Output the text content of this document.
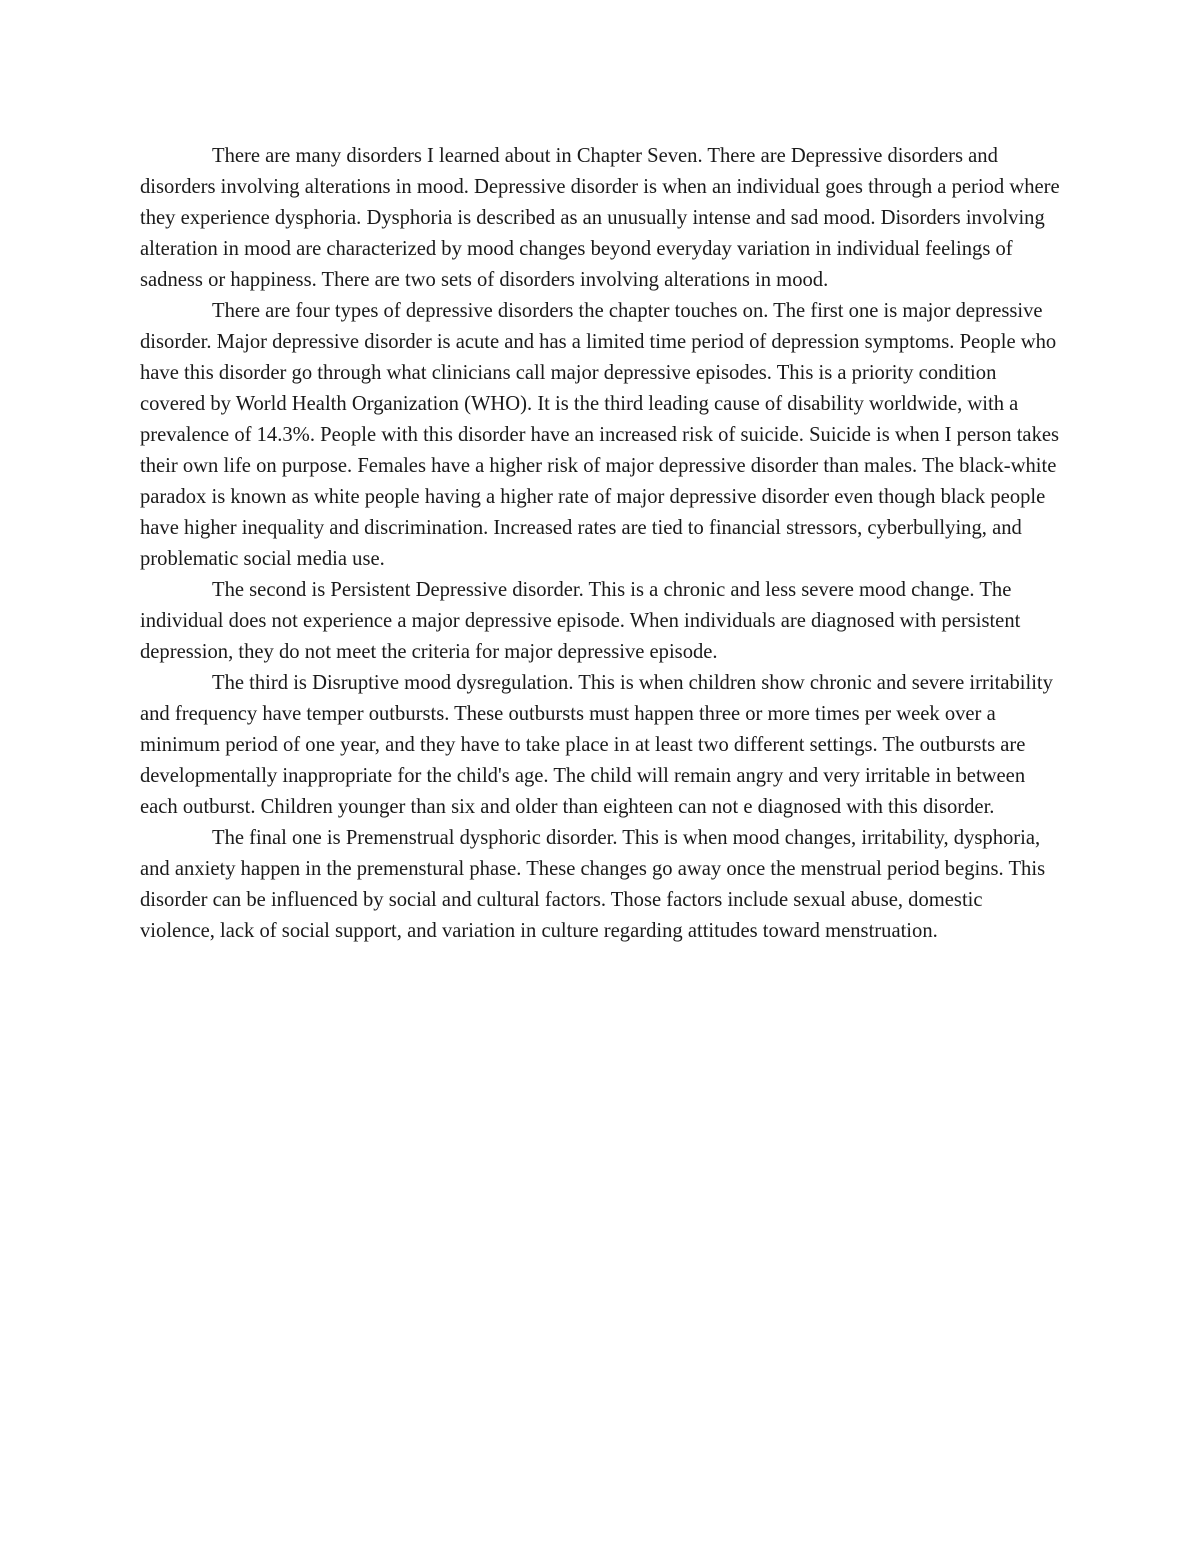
There are many disorders I learned about in Chapter Seven. There are Depressive disorders and disorders involving alterations in mood. Depressive disorder is when an individual goes through a period where they experience dysphoria. Dysphoria is described as an unusually intense and sad mood. Disorders involving alteration in mood are characterized by mood changes beyond everyday variation in individual feelings of sadness or happiness. There are two sets of disorders involving alterations in mood.

There are four types of depressive disorders the chapter touches on. The first one is major depressive disorder. Major depressive disorder is acute and has a limited time period of depression symptoms. People who have this disorder go through what clinicians call major depressive episodes. This is a priority condition covered by World Health Organization (WHO). It is the third leading cause of disability worldwide, with a prevalence of 14.3%. People with this disorder have an increased risk of suicide. Suicide is when I person takes their own life on purpose. Females have a higher risk of major depressive disorder than males. The black-white paradox is known as white people having a higher rate of major depressive disorder even though black people have higher inequality and discrimination. Increased rates are tied to financial stressors, cyberbullying, and problematic social media use.

The second is Persistent Depressive disorder. This is a chronic and less severe mood change. The individual does not experience a major depressive episode. When individuals are diagnosed with persistent depression, they do not meet the criteria for major depressive episode.

The third is Disruptive mood dysregulation. This is when children show chronic and severe irritability and frequency have temper outbursts. These outbursts must happen three or more times per week over a minimum period of one year, and they have to take place in at least two different settings. The outbursts are developmentally inappropriate for the child's age. The child will remain angry and very irritable in between each outburst. Children younger than six and older than eighteen can not e diagnosed with this disorder.

The final one is Premenstrual dysphoric disorder. This is when mood changes, irritability, dysphoria, and anxiety happen in the premenstural phase. These changes go away once the menstrual period begins. This disorder can be influenced by social and cultural factors. Those factors include sexual abuse, domestic violence, lack of social support, and variation in culture regarding attitudes toward menstruation.
